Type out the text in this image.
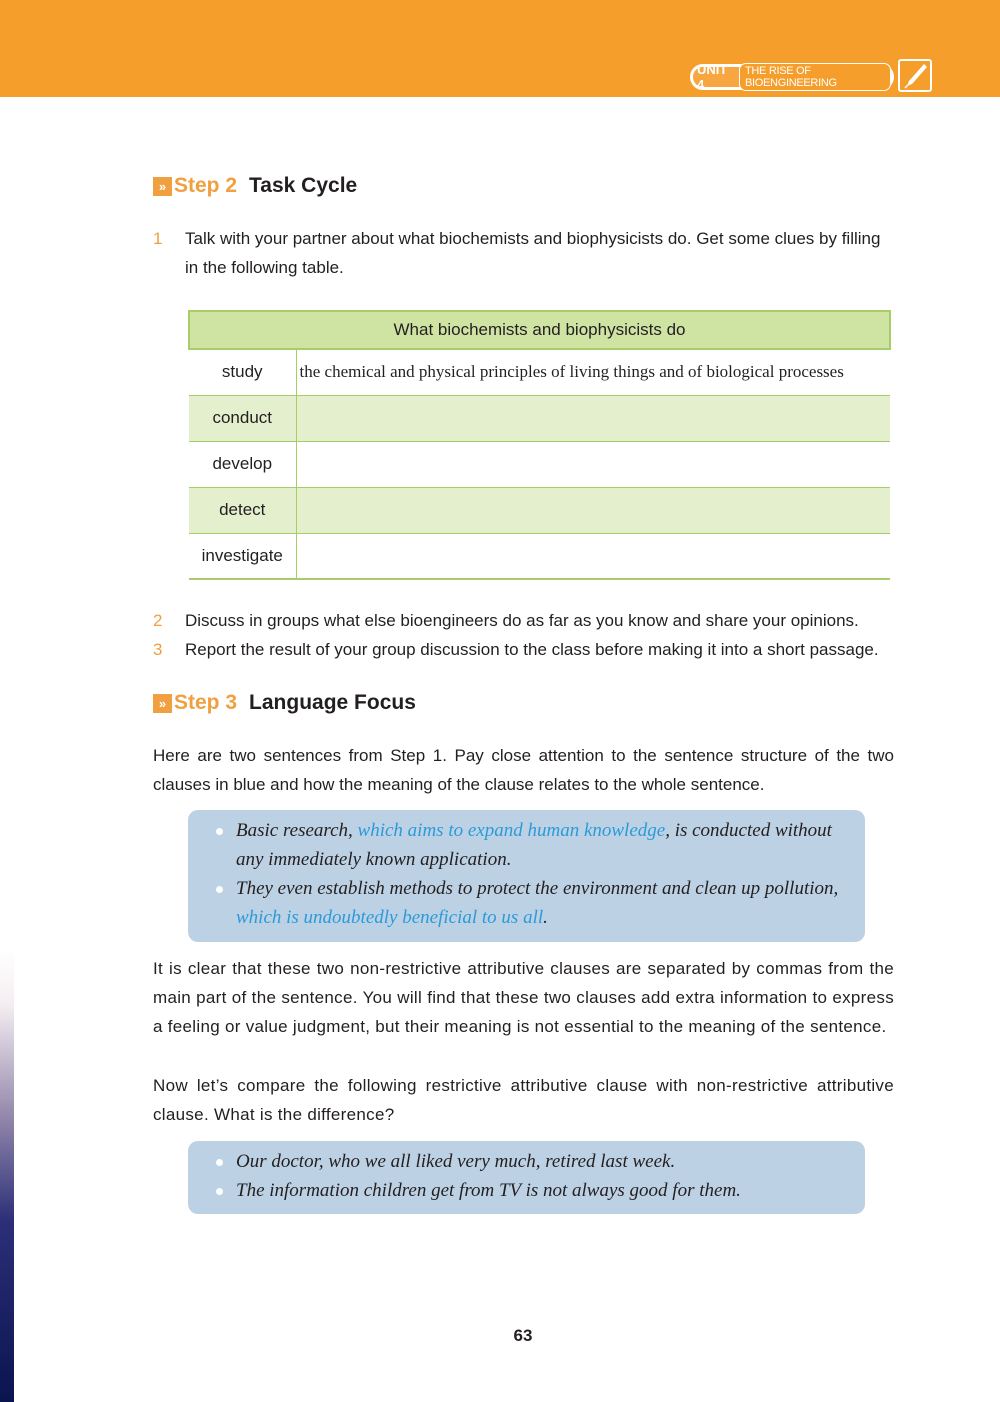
UNIT 4
THE RISE OF BIOENGINEERING
» Step 2 Task Cycle
1	Talk with your partner about what biochemists and biophysicists do. Get some clues by filling in the following table.
What biochemists and biophysicists do	
study	the chemical and physical principles of living things and of biological processes
conduct	
develop	
detect	
investigate	
2	Discuss in groups what else bioengineers do as far as you know and share your opinions.
3	Report the result of your group discussion to the class before making it into a short passage.
» Step 3 Language Focus
Here are two sentences from Step 1. Pay close attention to the sentence structure of the two clauses in blue and how the meaning of the clause relates to the whole sentence.
Basic research, which aims to expand human knowledge, is conducted without any immediately known application.
They even establish methods to protect the environment and clean up pollution, which is undoubtedly beneficial to us all.
It is clear that these two non-restrictive attributive clauses are separated by commas from the main part of the sentence. You will find that these two clauses add extra information to express a feeling or value judgment, but their meaning is not essential to the meaning of the sentence.
Now let’s compare the following restrictive attributive clause with non-restrictive attributive clause. What is the difference?
Our doctor, who we all liked very much, retired last week.
The information children get from TV is not always good for them.
63
